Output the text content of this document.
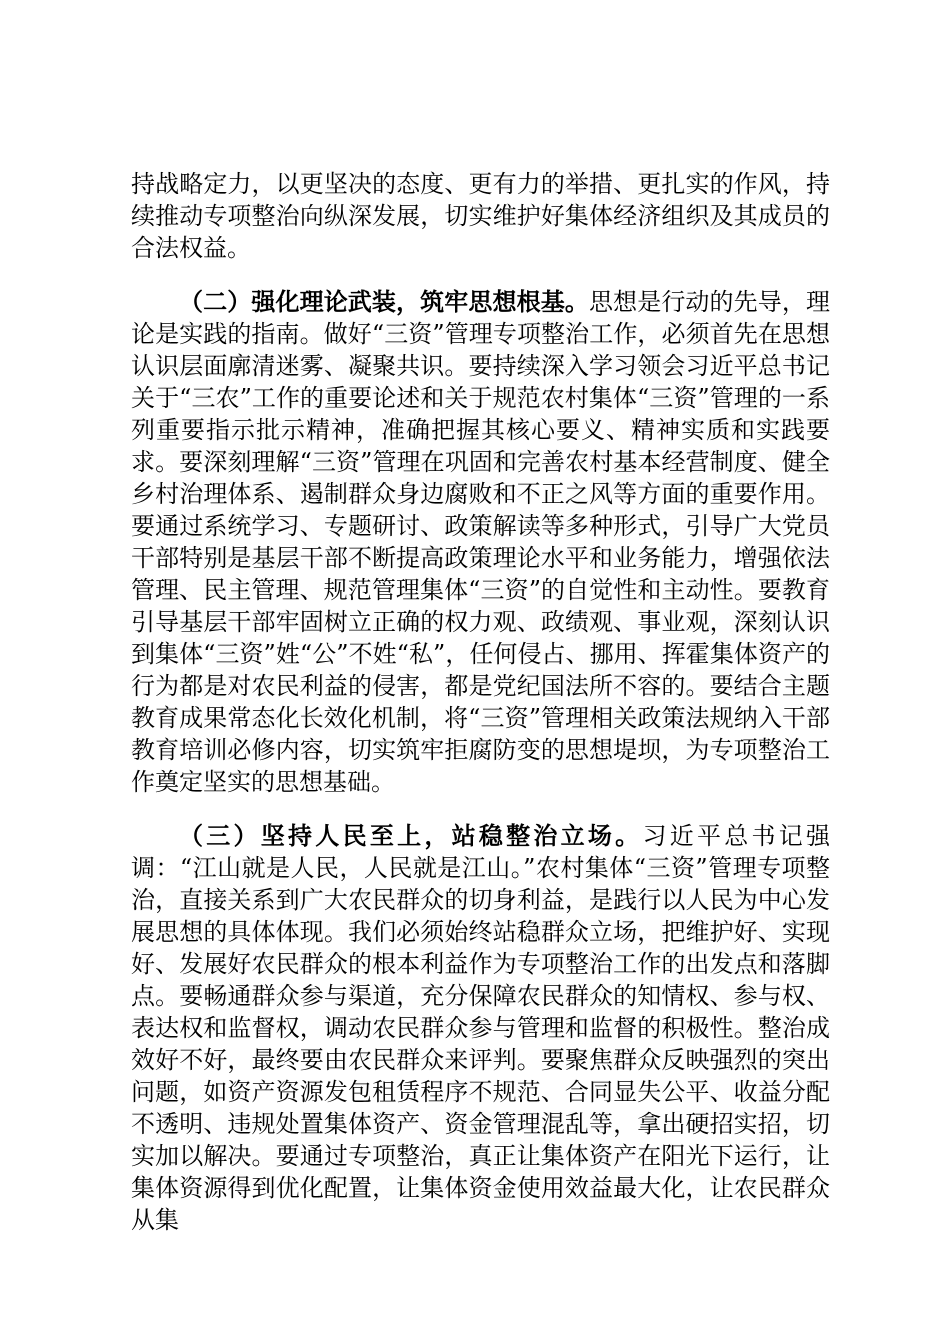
持战略定力，以更坚决的态度、更有力的举措、更扎实的作风，持续推动专项整治向纵深发展，切实维护好集体经济组织及其成员的合法权益。

（二）强化理论武装，筑牢思想根基。思想是行动的先导，理论是实践的指南。做好“三资”管理专项整治工作，必须首先在思想认识层面廓清迷雾、凝聚共识。要持续深入学习领会习近平总书记关于“三农”工作的重要论述和关于规范农村集体“三资”管理的一系列重要指示批示精神，准确把握其核心要义、精神实质和实践要求。要深刻理解“三资”管理在巩固和完善农村基本经营制度、健全乡村治理体系、遏制群众身边腐败和不正之风等方面的重要作用。要通过系统学习、专题研讨、政策解读等多种形式，引导广大党员干部特别是基层干部不断提高政策理论水平和业务能力，增强依法管理、民主管理、规范管理集体“三资”的自觉性和主动性。要教育引导基层干部牢固树立正确的权力观、政绩观、事业观，深刻认识到集体“三资”姓“公”不姓“私”，任何侵占、挪用、挥霍集体资产的行为都是对农民利益的侵害，都是党纪国法所不容的。要结合主题教育成果常态化长效化机制，将“三资”管理相关政策法规纳入干部教育培训必修内容，切实筑牢拒腐防变的思想堤坝，为专项整治工作奠定坚实的思想基础。

（三）坚持人民至上，站稳整治立场。习近平总书记强调：“江山就是人民，人民就是江山。”农村集体“三资”管理专项整治，直接关系到广大农民群众的切身利益，是践行以人民为中心发展思想的具体体现。我们必须始终站稳群众立场，把维护好、实现好、发展好农民群众的根本利益作为专项整治工作的出发点和落脚点。要畅通群众参与渠道，充分保障农民群众的知情权、参与权、表达权和监督权，调动农民群众参与管理和监督的积极性。整治成效好不好，最终要由农民群众来评判。要聚焦群众反映强烈的突出问题，如资产资源发包租赁程序不规范、合同显失公平、收益分配不透明、违规处置集体资产、资金管理混乱等，拿出硬招实招，切实加以解决。要通过专项整治，真正让集体资产在阳光下运行，让集体资源得到优化配置，让集体资金使用效益最大化，让农民群众从集
